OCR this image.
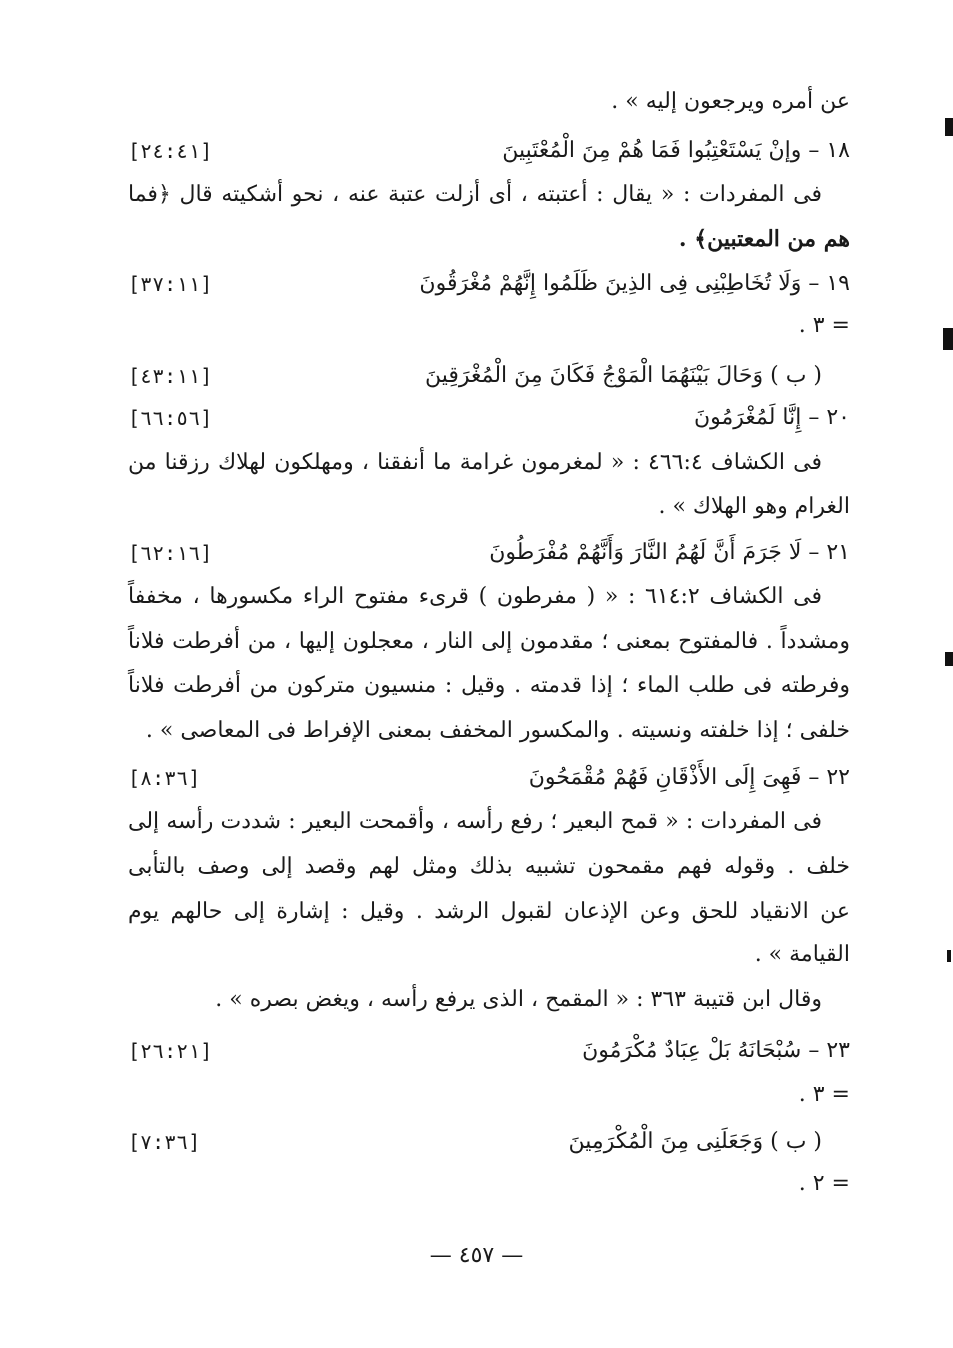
عن أمره ويرجعون إليه » .
[٢٤:٤١]	١٨ – وإنْ يَسْتَعْتِبُوا فَمَا هُمْ مِنَ الْمُعْتَبِينَ
فى المفردات : « يقال : أعتبته ، أى أزلت عتبة عنه ، نحو أشكيته قال ﴿فما
هم من المعتبين﴾ .
[٣٧:١١]	١٩ – وَلَا تُخَاطِبْنِى فِى الذِينَ ظَلَمُوا إِنَّهُمْ مُغْرَقُونَ
= ٣ .
[٤٣:١١]	( ب ) وَحَالَ بَيْنَهُمَا الْمَوْجُ فَكَانَ مِنَ الْمُغْرَقِينَ
[٦٦:٥٦]	٢٠ – إِنَّا لَمُغْرَمُونَ
فى الكشاف ٤٦٦:٤ : « لمغرمون غرامة ما أنفقنا ، ومهلكون لهلاك رزقنا من
الغرام وهو الهلاك » .
[٦٢:١٦]	٢١ – لَا جَرَمَ أَنَّ لَهُمُ النَّارَ وَأَنَّهُمْ مُفْرَطُونَ
فى الكشاف ٦١٤:٢ : « ( مفرطون ) قرىء مفتوح الراء مكسورها ، مخففاً
ومشدداً . فالمفتوح بمعنى ؛ مقدمون إلى النار ، معجلون إليها ، من أفرطت فلاناً
وفرطته فى طلب الماء ؛ إذا قدمته . وقيل : منسيون متركون من أفرطت فلاناً
خلفى ؛ إذا خلفته ونسيته . والمكسور المخفف بمعنى الإفراط فى المعاصى » .
[٨:٣٦]	٢٢ – فَهِىَ إِلَى الأَذْقَانِ فَهُمْ مُقْمَحُونَ
فى المفردات : « قمح البعير ؛ رفع رأسه ، وأقمحت البعير : شددت رأسه إلى
خلف . وقوله فهم مقمحون تشبيه بذلك ومثل لهم وقصد إلى وصف بالتأبى
عن الانقياد للحق وعن الإذعان لقبول الرشد . وقيل : إشارة إلى حالهم يوم
القيامة » .
وقال ابن قتيبة ٣٦٣ : « المقمح ، الذى يرفع رأسه ، ويغض بصره » .
[٢٦:٢١]	٢٣ – سُبْحَانَهُ بَلْ عِبَادٌ مُكْرَمُونَ
= ٣ .
[٧:٣٦]	( ب ) وَجَعَلَنِى مِنَ الْمُكْرَمِينَ
= ٢ .
— ٤٥٧ —
